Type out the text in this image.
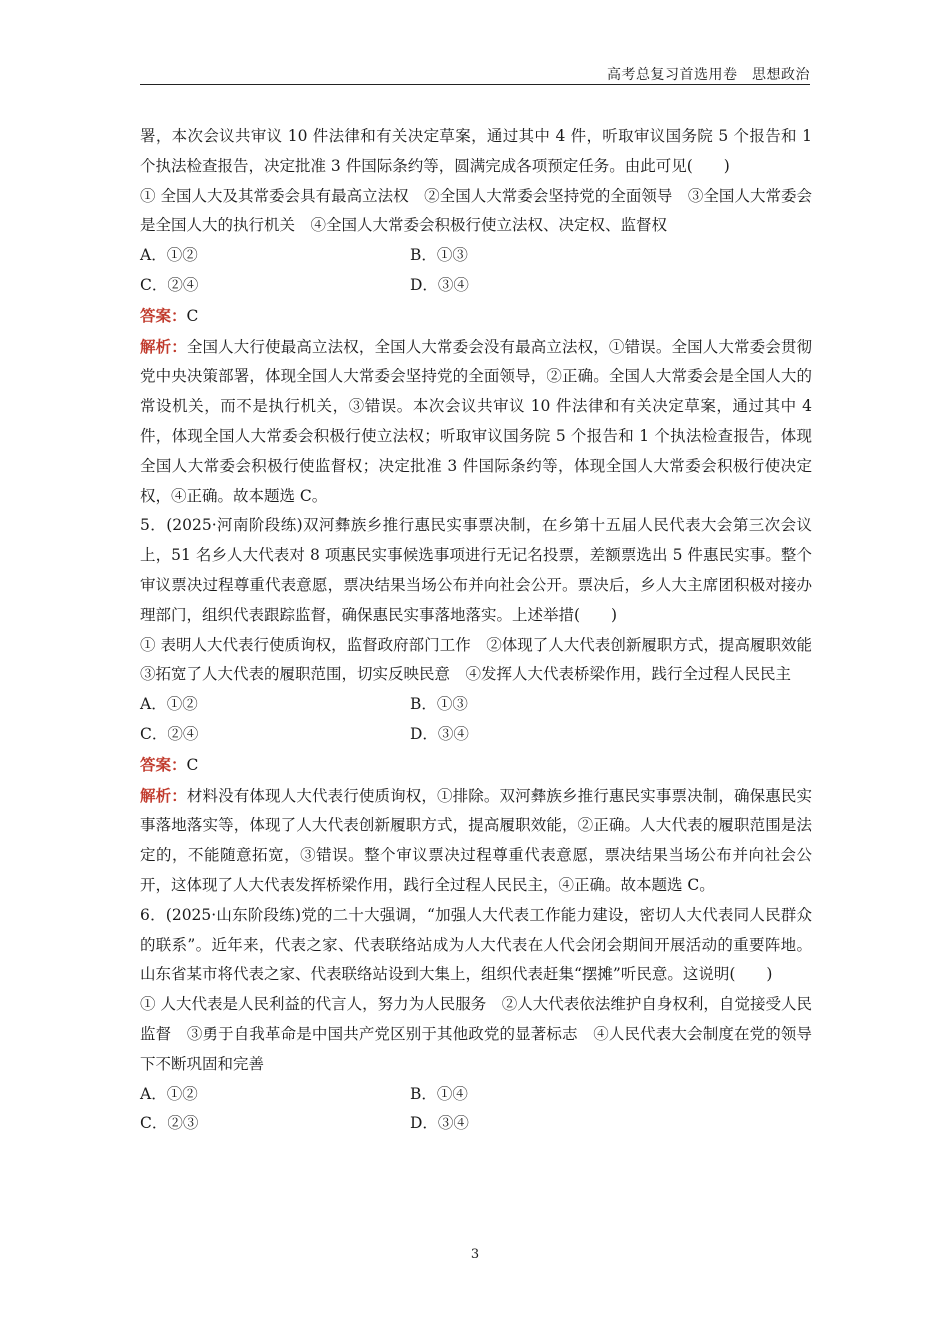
高考总复习首选用卷　思想政治

署，本次会议共审议 10 件法律和有关决定草案，通过其中 4 件，听取审议国务院 5 个报告和 1 个执法检查报告，决定批准 3 件国际条约等，圆满完成各项预定任务。由此可见(　　)

① 全国人大及其常委会具有最高立法权　②全国人大常委会坚持党的全面领导　③全国人大常委会是全国人大的执行机关　④全国人大常委会积极行使立法权、决定权、监督权

A．①②	B．①③
C．②④	D．③④

答案：C

解析：全国人大行使最高立法权，全国人大常委会没有最高立法权，①错误。全国人大常委会贯彻党中央决策部署，体现全国人大常委会坚持党的全面领导，②正确。全国人大常委会是全国人大的常设机关，而不是执行机关，③错误。本次会议共审议 10 件法律和有关决定草案，通过其中 4 件，体现全国人大常委会积极行使立法权；听取审议国务院 5 个报告和 1 个执法检查报告，体现全国人大常委会积极行使监督权；决定批准 3 件国际条约等，体现全国人大常委会积极行使决定权，④正确。故本题选 C。

5．(2025·河南阶段练)双河彝族乡推行惠民实事票决制，在乡第十五届人民代表大会第三次会议上，51 名乡人大代表对 8 项惠民实事候选事项进行无记名投票，差额票选出 5 件惠民实事。整个审议票决过程尊重代表意愿，票决结果当场公布并向社会公开。票决后，乡人大主席团积极对接办理部门，组织代表跟踪监督，确保惠民实事落地落实。上述举措(　　)

① 表明人大代表行使质询权，监督政府部门工作　②体现了人大代表创新履职方式，提高履职效能　③拓宽了人大代表的履职范围，切实反映民意　④发挥人大代表桥梁作用，践行全过程人民民主

A．①②	B．①③
C．②④	D．③④

答案：C

解析：材料没有体现人大代表行使质询权，①排除。双河彝族乡推行惠民实事票决制，确保惠民实事落地落实等，体现了人大代表创新履职方式，提高履职效能，②正确。人大代表的履职范围是法定的，不能随意拓宽，③错误。整个审议票决过程尊重代表意愿，票决结果当场公布并向社会公开，这体现了人大代表发挥桥梁作用，践行全过程人民民主，④正确。故本题选 C。

6．(2025·山东阶段练)党的二十大强调，“加强人大代表工作能力建设，密切人大代表同人民群众的联系”。近年来，代表之家、代表联络站成为人大代表在人代会闭会期间开展活动的重要阵地。山东省某市将代表之家、代表联络站设到大集上，组织代表赶集“摆摊”听民意。这说明(　　)

① 人大代表是人民利益的代言人，努力为人民服务　②人大代表依法维护自身权利，自觉接受人民监督　③勇于自我革命是中国共产党区别于其他政党的显著标志　④人民代表大会制度在党的领导下不断巩固和完善

A．①②	B．①④
C．②③	D．③④
3
